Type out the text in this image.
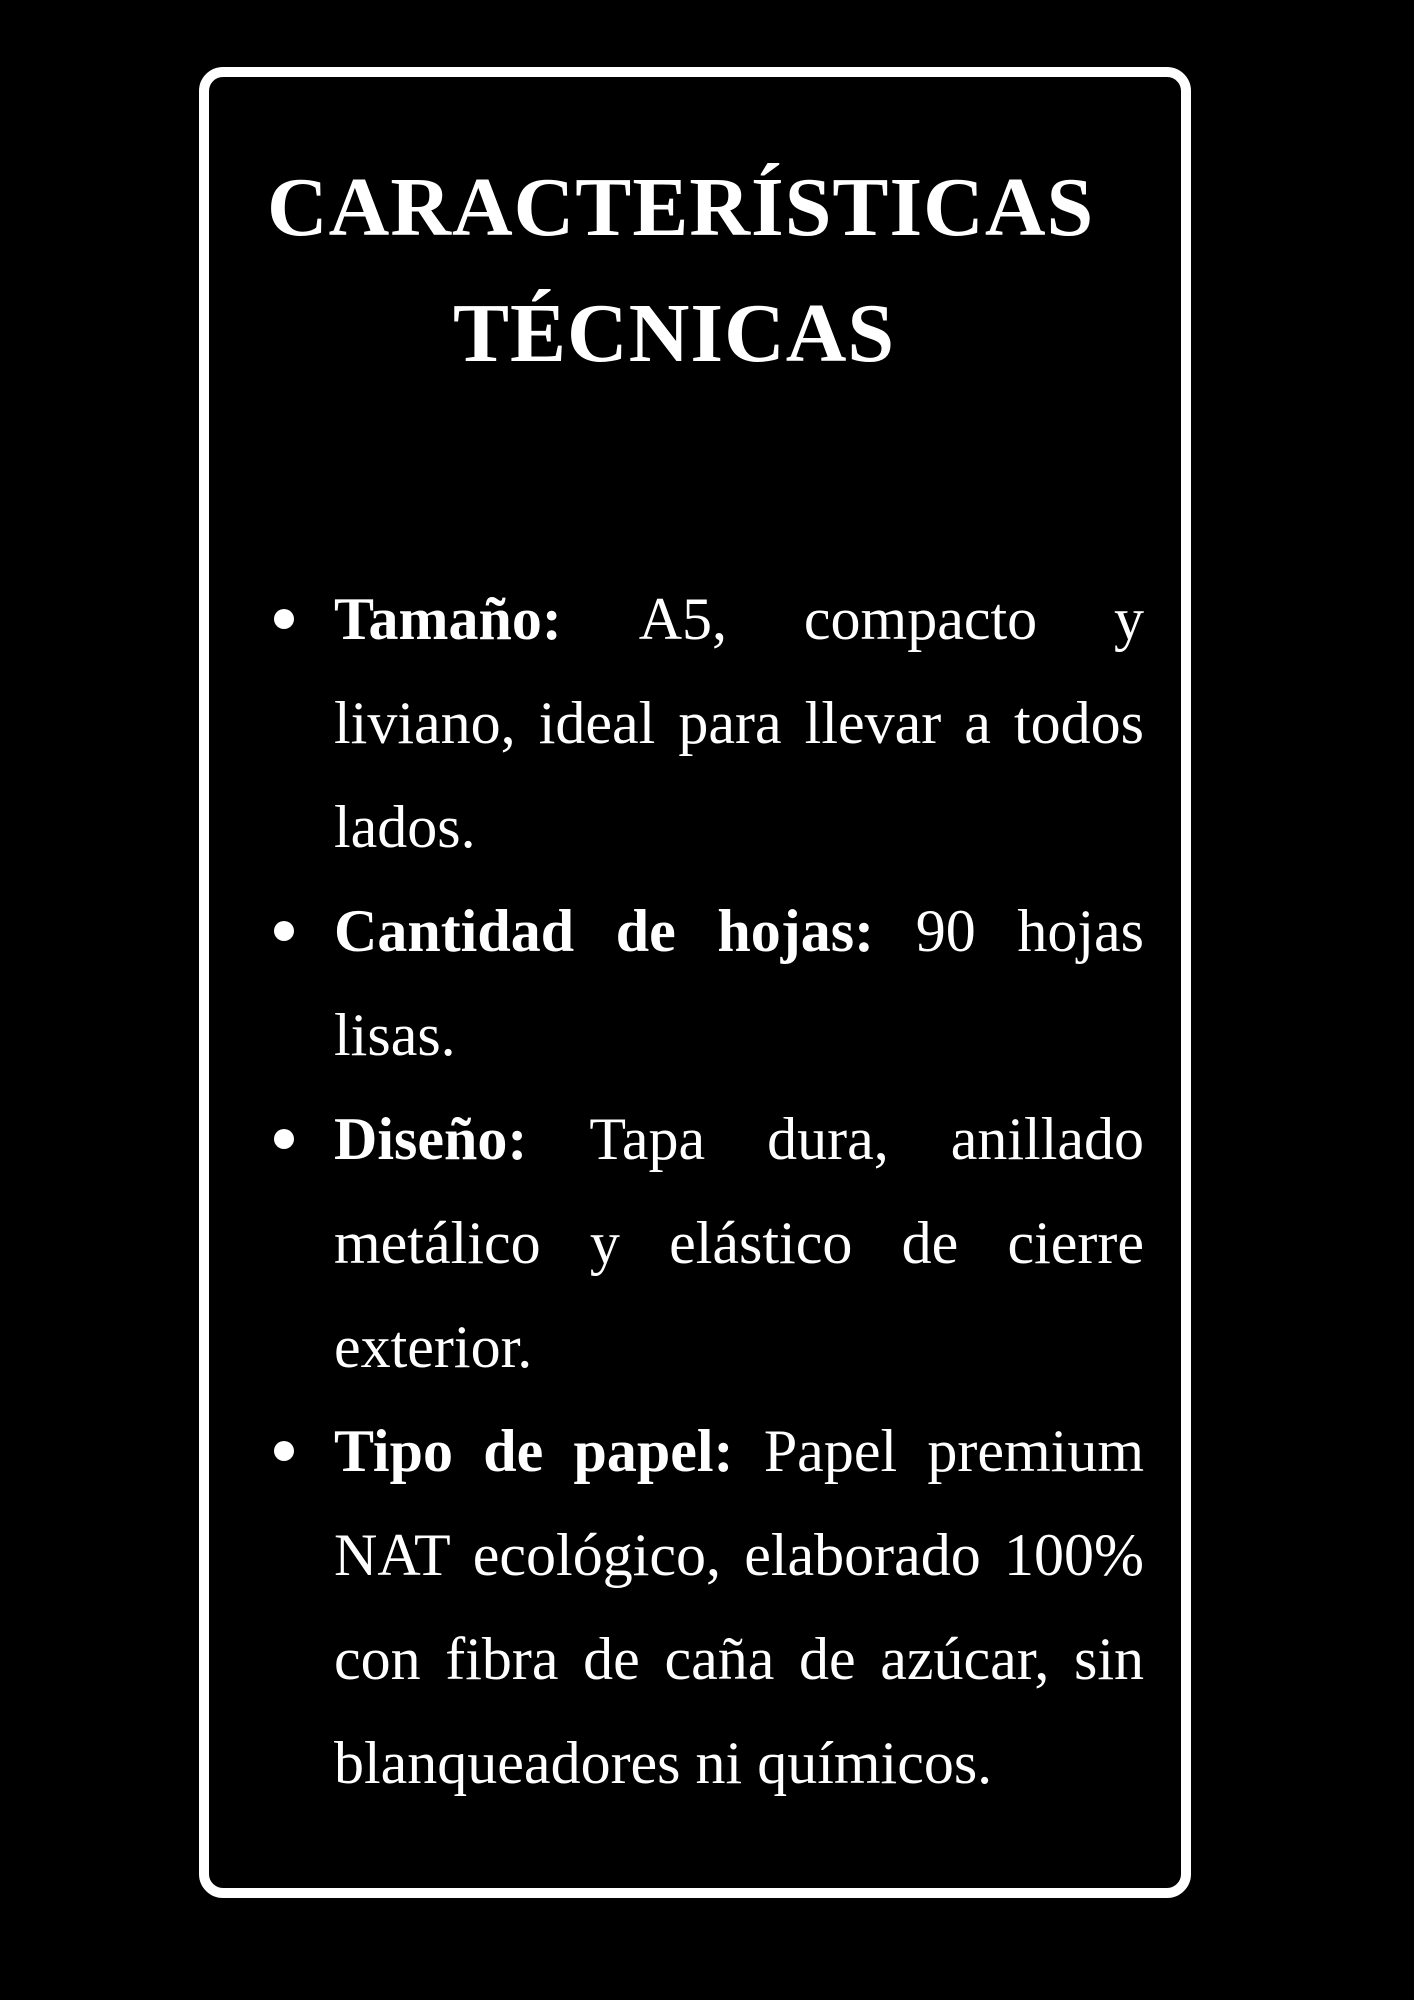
CARACTERÍSTICAS
TÉCNICAS
Tamaño: A5, compacto y liviano, ideal para llevar a todos lados.
Cantidad de hojas: 90 hojas lisas.
Diseño: Tapa dura, anillado metálico y elástico de cierre exterior.
Tipo de papel: Papel premium NAT ecológico, elaborado 100% con fibra de caña de azúcar, sin blanqueadores ni químicos.
